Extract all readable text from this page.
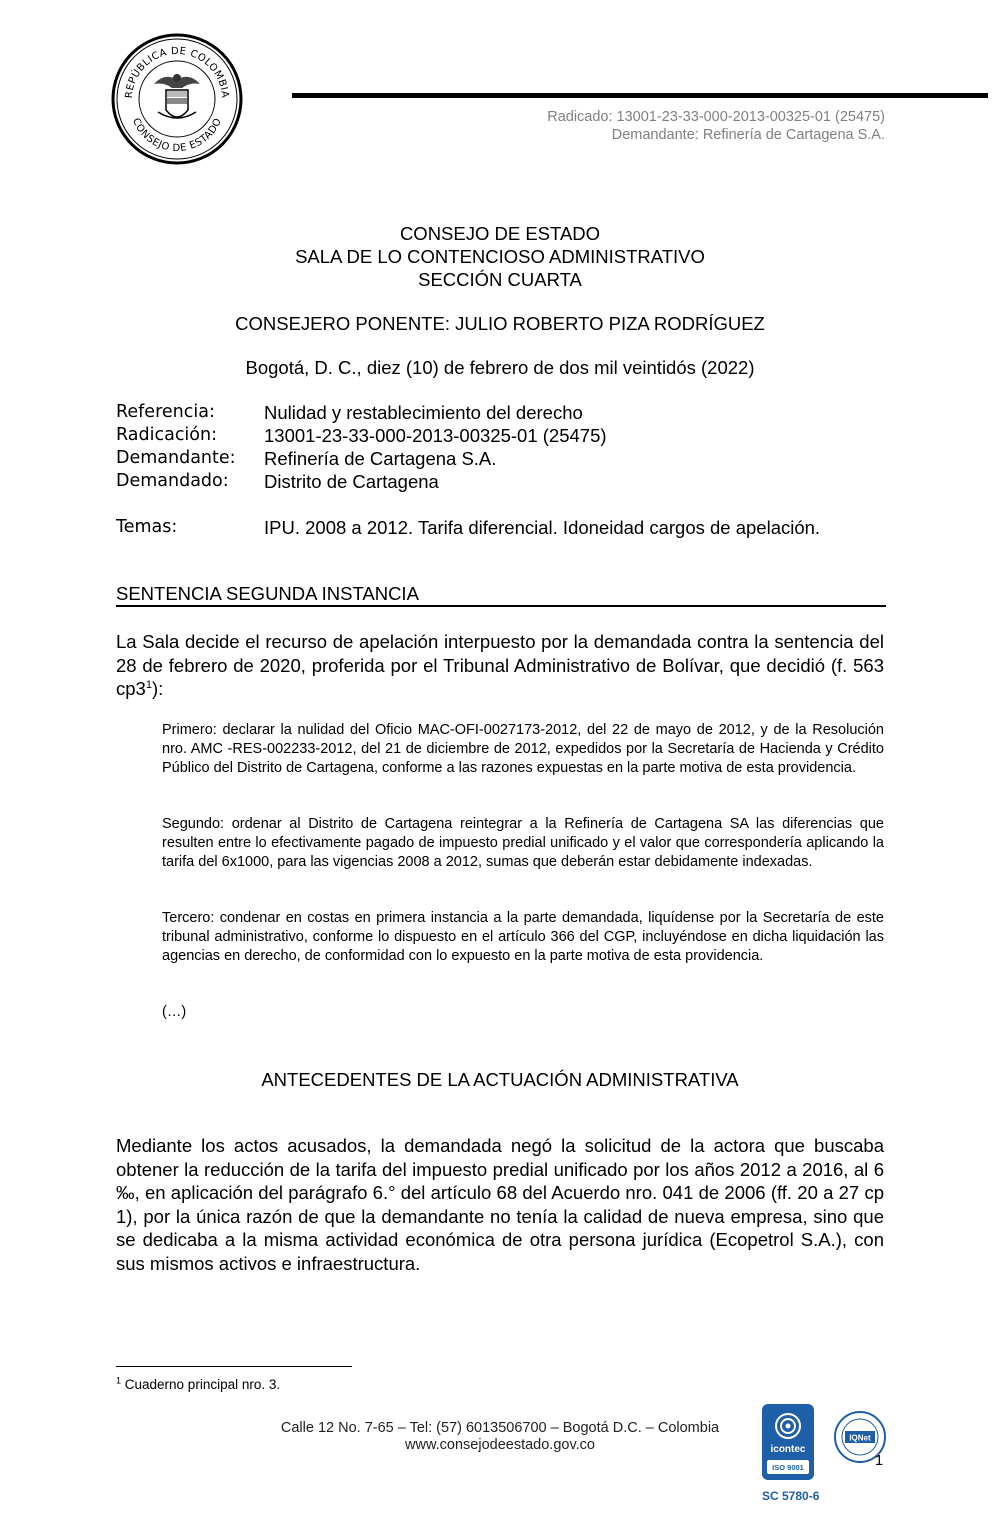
REPÚBLICA DE COLOMBIA
CONSEJO DE ESTADO	Radicado: 13001-23-33-000-2013-00325-01 (25475)
Demandante: Refinería de Cartagena S.A.
CONSEJO DE ESTADO
SALA DE LO CONTENCIOSO ADMINISTRATIVO
SECCIÓN CUARTA
CONSEJERO PONENTE: JULIO ROBERTO PIZA RODRÍGUEZ
Bogotá, D. C., diez (10) de febrero de dos mil veintidós (2022)
Referencia:	Nulidad y restablecimiento del derecho
Radicación:	13001-23-33-000-2013-00325-01 (25475)
Demandante:	Refinería de Cartagena S.A.
Demandado:	Distrito de Cartagena
Temas:	IPU. 2008 a 2012. Tarifa diferencial. Idoneidad cargos de apelación.
SENTENCIA SEGUNDA INSTANCIA
La Sala decide el recurso de apelación interpuesto por la demandada contra la sentencia del 28 de febrero de 2020, proferida por el Tribunal Administrativo de Bolívar, que decidió (f. 563 $cp3^1$):
Primero: declarar la nulidad del Oficio MAC-OFI-0027173-2012, del 22 de mayo de 2012, y de la Resolución nro. AMC -RES-002233-2012, del 21 de diciembre de 2012, expedidos por la Secretaría de Hacienda y Crédito Público del Distrito de Cartagena, conforme a las razones expuestas en la parte motiva de esta providencia.
Segundo: ordenar al Distrito de Cartagena reintegrar a la Refinería de Cartagena SA las diferencias que resulten entre lo efectivamente pagado de impuesto predial unificado y el valor que correspondería aplicando la tarifa del 6x1000, para las vigencias 2008 a 2012, sumas que deberán estar debidamente indexadas.
Tercero: condenar en costas en primera instancia a la parte demandada, liquídense por la Secretaría de este tribunal administrativo, conforme lo dispuesto en el artículo 366 del CGP, incluyéndose en dicha liquidación las agencias en derecho, de conformidad con lo expuesto en la parte motiva de esta providencia.
(…)
ANTECEDENTES DE LA ACTUACIÓN ADMINISTRATIVA
Mediante los actos acusados, la demandada negó la solicitud de la actora que buscaba obtener la reducción de la tarifa del impuesto predial unificado por los años 2012 a 2016, al 6 ‰, en aplicación del parágrafo 6.° del artículo 68 del Acuerdo nro. 041 de 2006 (ff. 20 a 27 cp 1), por la única razón de que la demandante no tenía la calidad de nueva empresa, sino que se dedicaba a la misma actividad económica de otra persona jurídica (Ecopetrol S.A.), con sus mismos activos e infraestructura.
$^1$ Cuaderno principal nro. 3.
Calle 12 No. 7-65 – Tel: (57) 6013506700 – Bogotá D.C. – Colombia
www.consejodeestado.gov.co	icontec
ISO 9001
IQNet
SC 5780-6
1
